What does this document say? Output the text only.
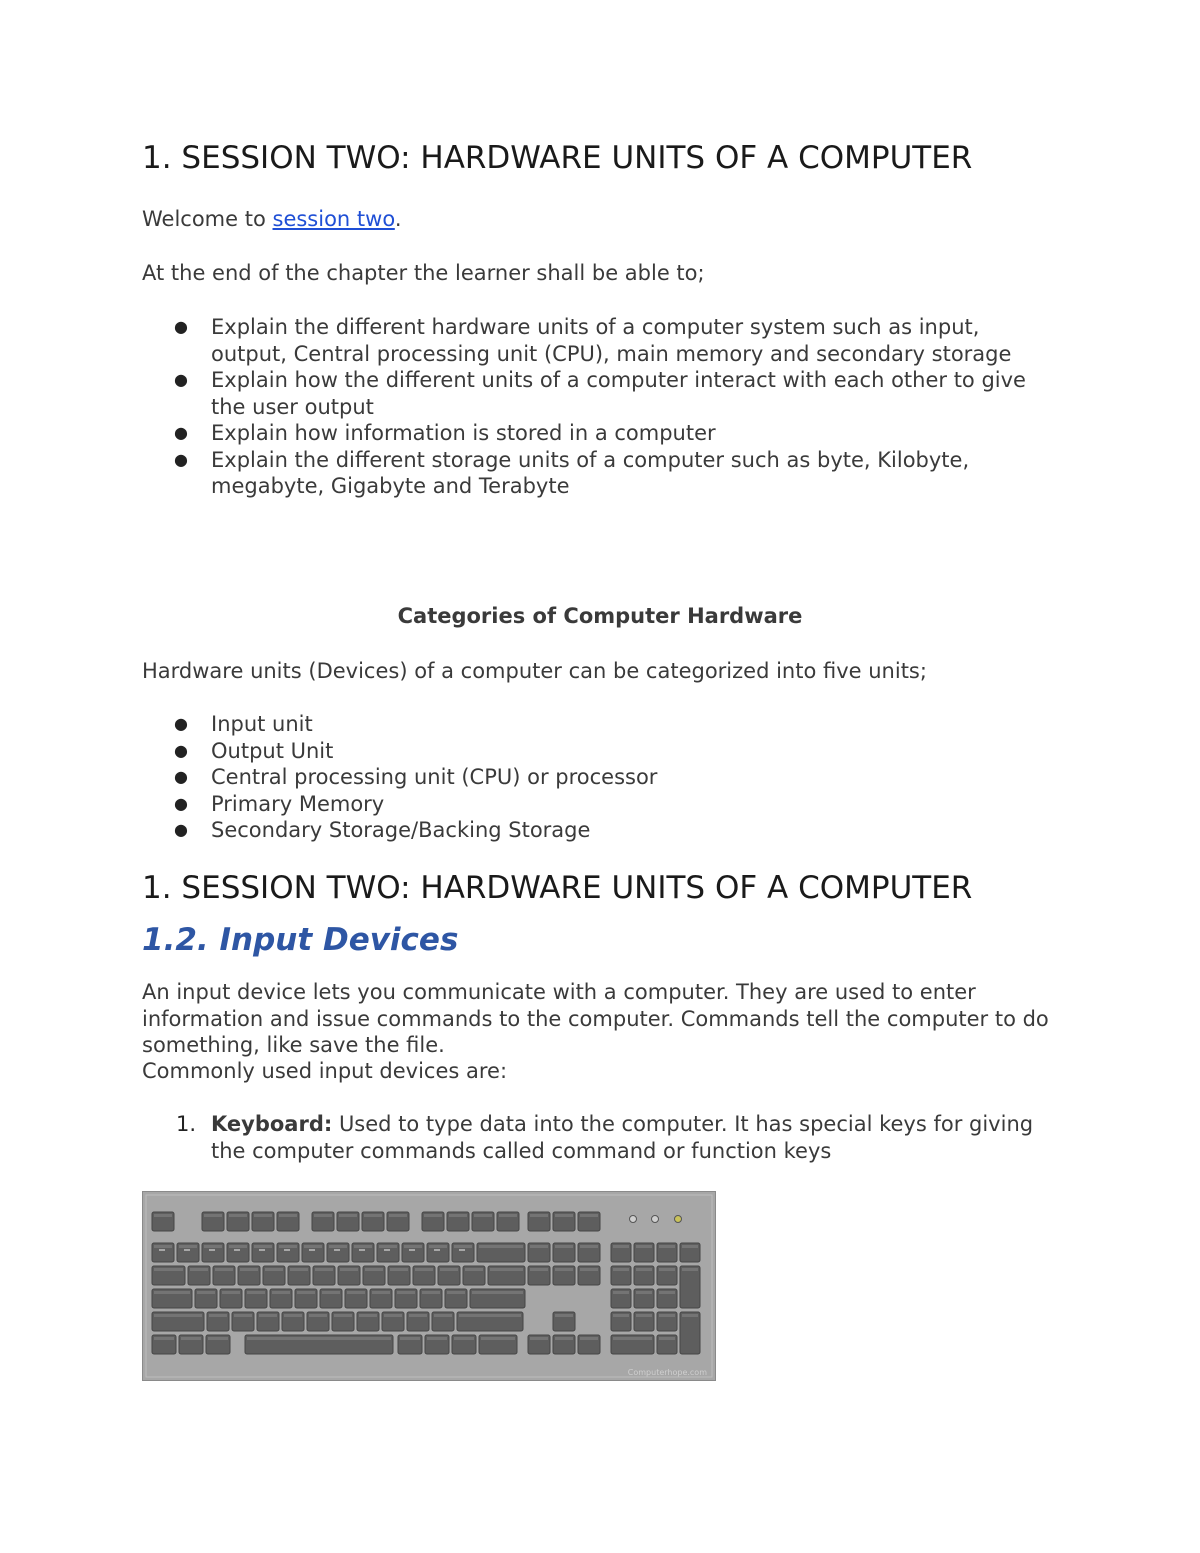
1. SESSION TWO: HARDWARE UNITS OF A COMPUTER

Welcome to session two.

At the end of the chapter the learner shall be able to;

● Explain the different hardware units of a computer system such as input, output, Central processing unit (CPU), main memory and secondary storage
● Explain how the different units of a computer interact with each other to give the user output
● Explain how information is stored in a computer
● Explain the different storage units of a computer such as byte, Kilobyte, megabyte, Gigabyte and Terabyte

Categories of Computer Hardware

Hardware units (Devices) of a computer can be categorized into five units;

● Input unit
● Output Unit
● Central processing unit (CPU) or processor
● Primary Memory
● Secondary Storage/Backing Storage
1. SESSION TWO: HARDWARE UNITS OF A COMPUTER
1.2. Input Devices

An input device lets you communicate with a computer. They are used to enter information and issue commands to the computer. Commands tell the computer to do something, like save the file.

Commonly used input devices are:

1. Keyboard: Used to type data into the computer. It has special keys for giving the computer commands called command or function keys
Computerhope.com
